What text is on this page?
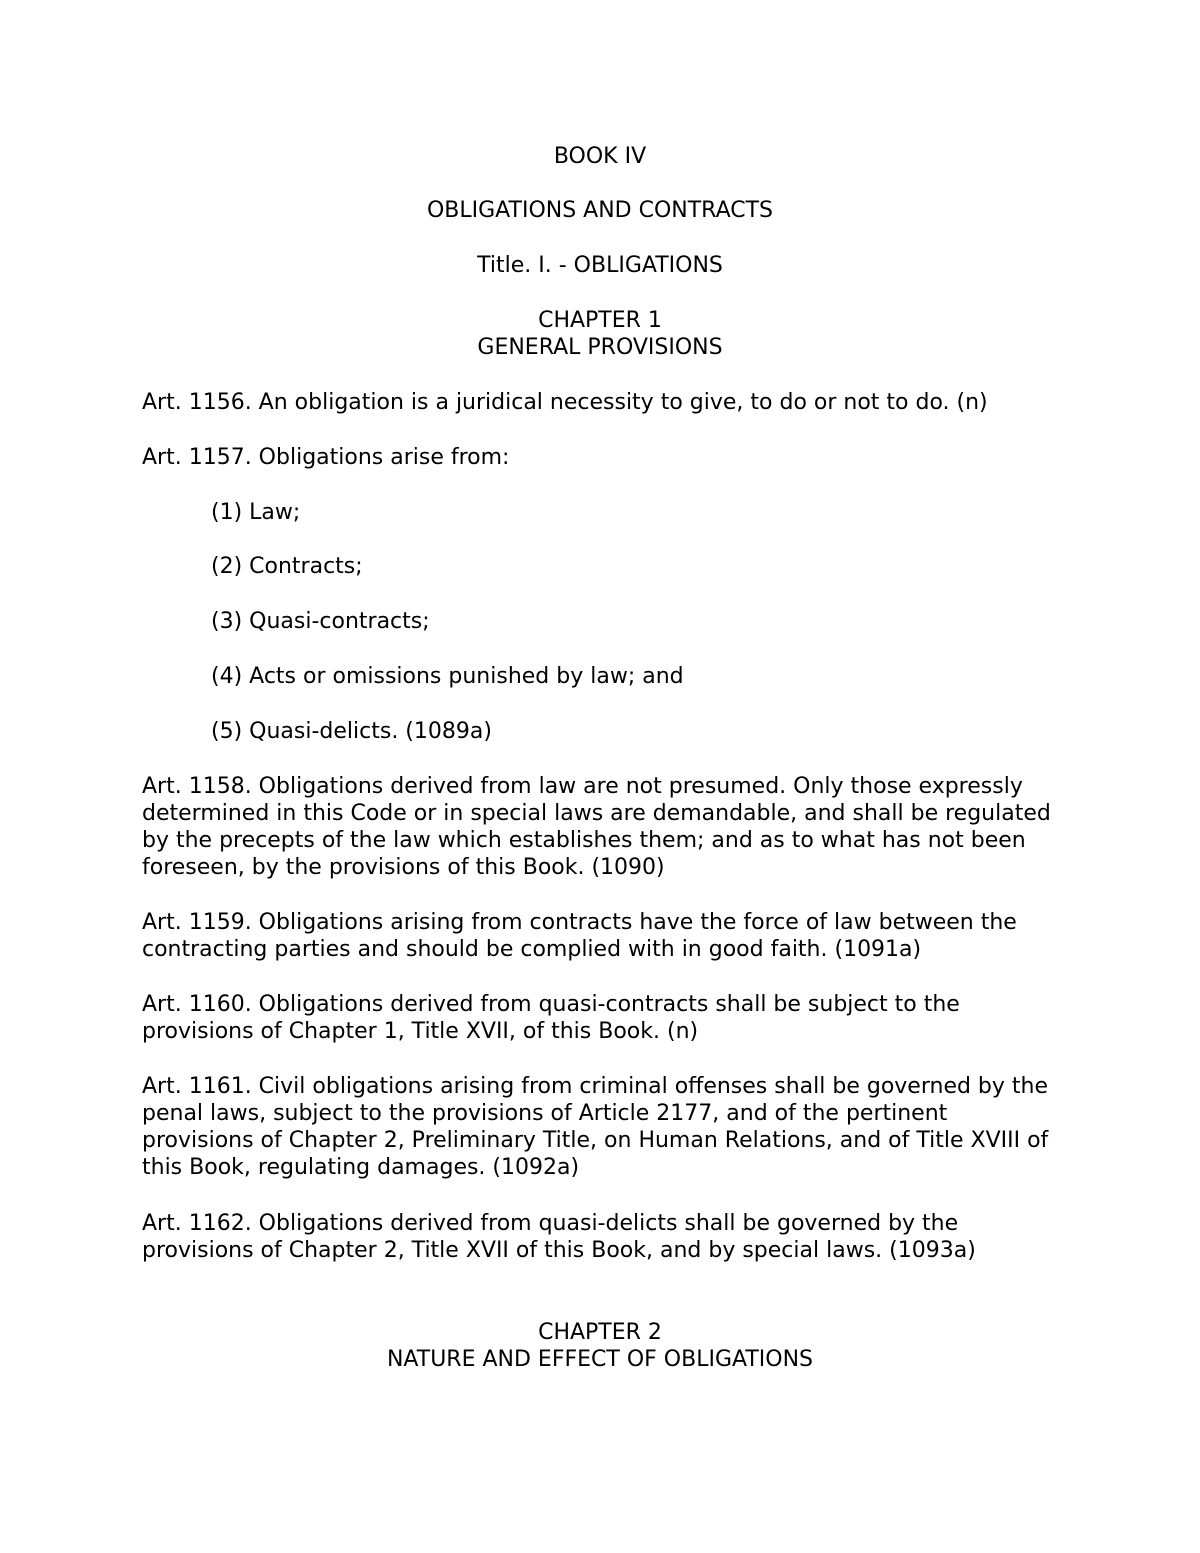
BOOK IV

OBLIGATIONS AND CONTRACTS

Title. I. - OBLIGATIONS

CHAPTER 1

GENERAL PROVISIONS

Art. 1156. An obligation is a juridical necessity to give, to do or not to do. (n)

Art. 1157. Obligations arise from:

(1) Law;

(2) Contracts;

(3) Quasi-contracts;

(4) Acts or omissions punished by law; and

(5) Quasi-delicts. (1089a)

Art. 1158. Obligations derived from law are not presumed. Only those expressly determined in this Code or in special laws are demandable, and shall be regulated by the precepts of the law which establishes them; and as to what has not been foreseen, by the provisions of this Book. (1090)

Art. 1159. Obligations arising from contracts have the force of law between the contracting parties and should be complied with in good faith. (1091a)

Art. 1160. Obligations derived from quasi-contracts shall be subject to the provisions of Chapter 1, Title XVII, of this Book. (n)

Art. 1161. Civil obligations arising from criminal offenses shall be governed by the penal laws, subject to the provisions of Article 2177, and of the pertinent provisions of Chapter 2, Preliminary Title, on Human Relations, and of Title XVIII of this Book, regulating damages. (1092a)

Art. 1162. Obligations derived from quasi-delicts shall be governed by the provisions of Chapter 2, Title XVII of this Book, and by special laws. (1093a)

CHAPTER 2

NATURE AND EFFECT OF OBLIGATIONS
